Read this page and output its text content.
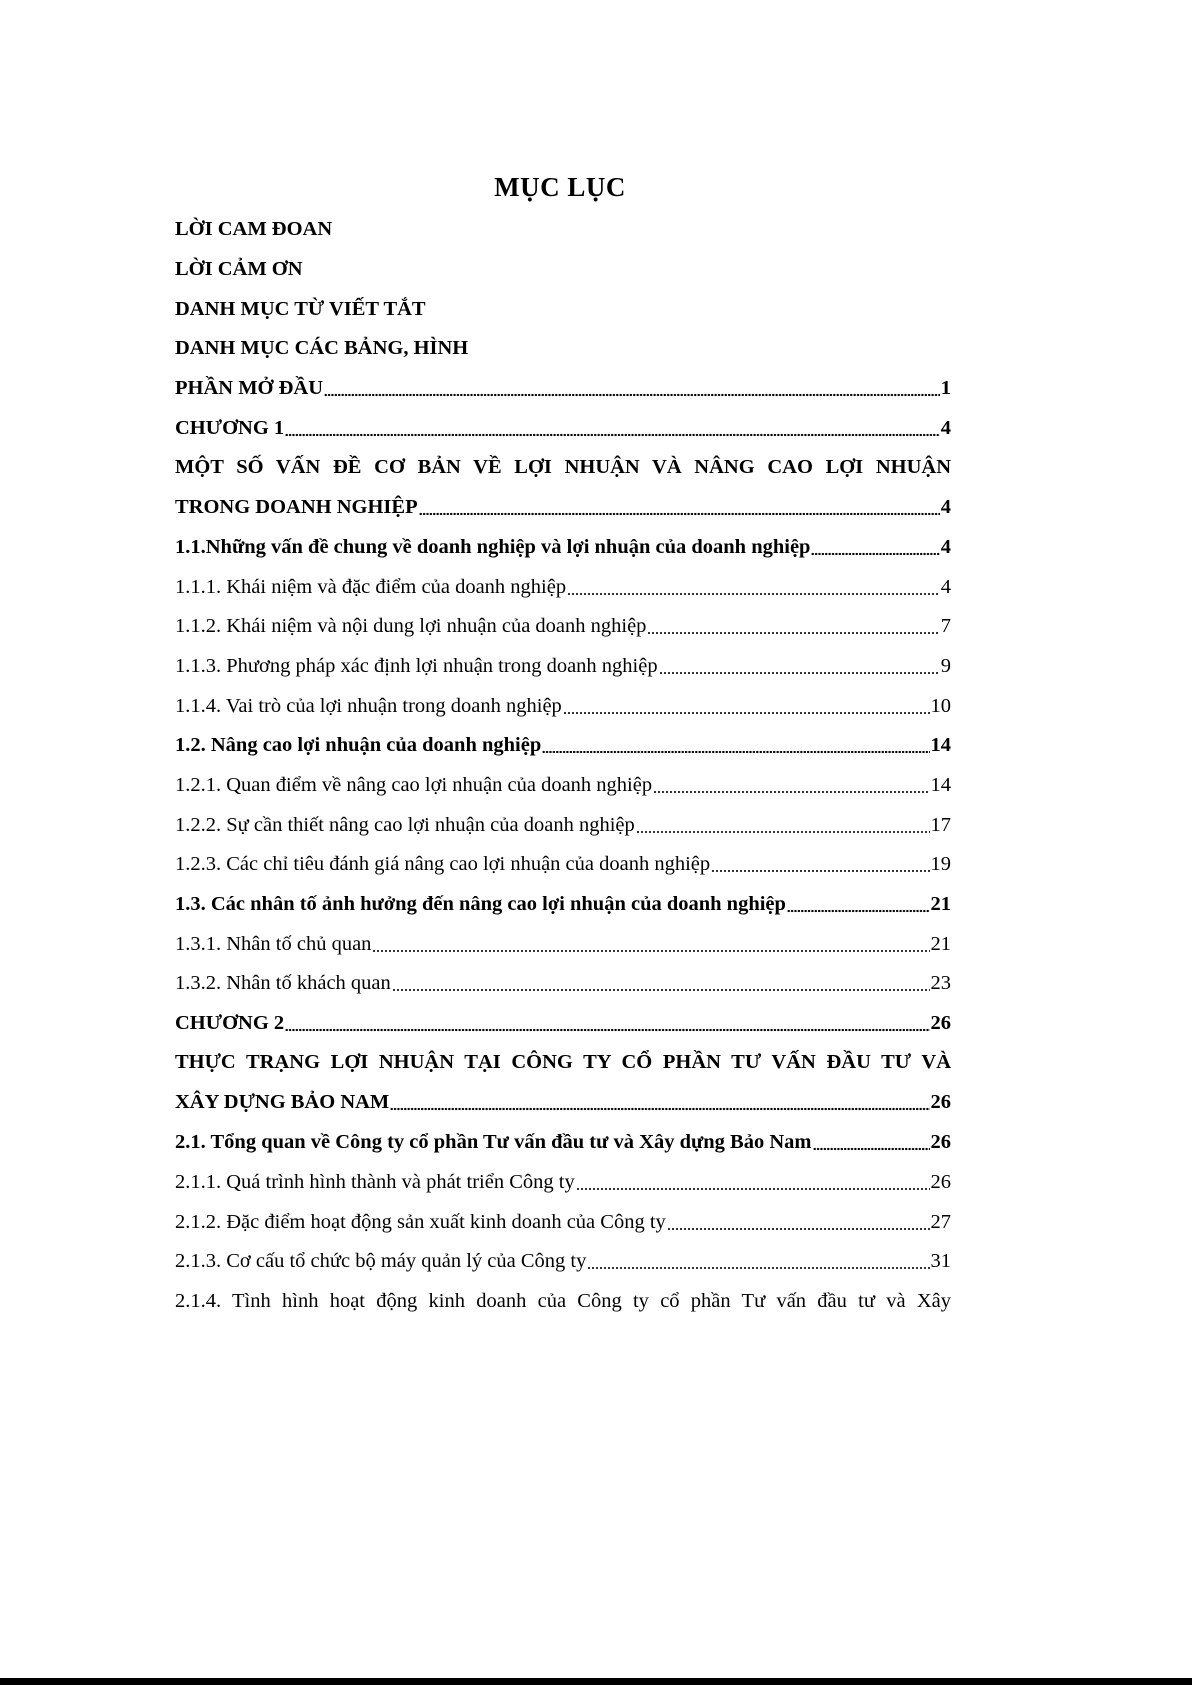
MỤC LỤC
LỜI CAM ĐOAN
LỜI CẢM ƠN
DANH MỤC TỪ VIẾT TẮT
DANH MỤC CÁC BẢNG, HÌNH
PHẦN MỞ ĐẦU	1
CHƯƠNG 1	4
MỘT SỐ VẤN ĐỀ CƠ BẢN VỀ LỢI NHUẬN VÀ NÂNG CAO LỢI NHUẬN
TRONG DOANH NGHIỆP	4
1.1.Những vấn đề chung về doanh nghiệp và lợi nhuận của doanh nghiệp	4
1.1.1. Khái niệm và đặc điểm của doanh nghiệp	4
1.1.2. Khái niệm và nội dung lợi nhuận của doanh nghiệp	7
1.1.3. Phương pháp xác định lợi nhuận trong doanh nghiệp	9
1.1.4. Vai trò của lợi nhuận trong doanh nghiệp	10
1.2. Nâng cao lợi nhuận của doanh nghiệp	14
1.2.1. Quan điểm về nâng cao lợi nhuận của doanh nghiệp	14
1.2.2. Sự cần thiết nâng cao lợi nhuận của doanh nghiệp	17
1.2.3. Các chỉ tiêu đánh giá nâng cao lợi nhuận của doanh nghiệp	19
1.3. Các nhân tố ảnh hưởng đến nâng cao lợi nhuận của doanh nghiệp	21
1.3.1. Nhân tố chủ quan	21
1.3.2. Nhân tố khách quan	23
CHƯƠNG 2	26
THỰC TRẠNG LỢI NHUẬN TẠI CÔNG TY CỔ PHẦN TƯ VẤN ĐẦU TƯ VÀ
XÂY DỰNG BẢO NAM	26
2.1. Tổng quan về Công ty cổ phần Tư vấn đầu tư và Xây dựng Bảo Nam	26
2.1.1. Quá trình hình thành và phát triển Công ty	26
2.1.2. Đặc điểm hoạt động sản xuất kinh doanh của Công ty	27
2.1.3. Cơ cấu tổ chức bộ máy quản lý của Công ty	31
2.1.4. Tình hình hoạt động kinh doanh của Công ty cổ phần Tư vấn đầu tư và Xây
